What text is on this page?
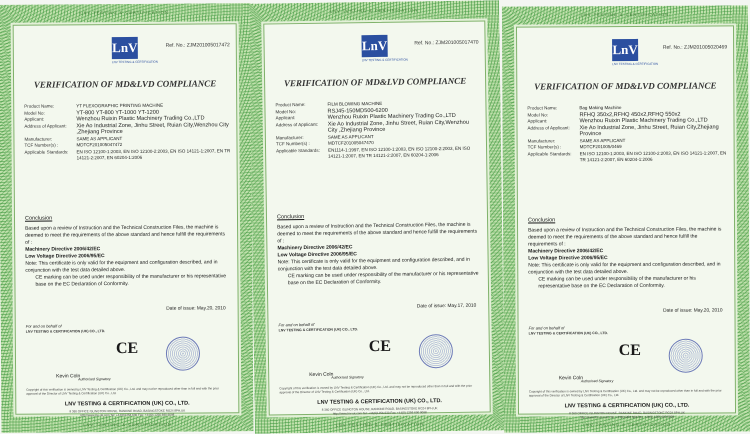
LNV TESTING & CERTIFICATION
LnV
LNV TESTING & CERTIFICATION
Ref. No.: ZJM201005017472
VERIFICATION OF MD&LVD COMPLIANCE
Product Name:	YT FLEXOGRAPHIC PRINTING MACHINE
Model No:	YT-800 YT-800 YT-1000 YT-1200
Applicant:	Wenzhou Ruixin Plastic Machinery Trading Co.,LTD
Address of Applicant:	Xie Ao Industrial Zone, Jinhu Street, Ruian City,Wenzhou City ,Zhejiang Province
Manufacturer:	SAME AS APPLICANT
TCF Number(s) :	MDTCF201005047472
Applicable Standards:	EN ISO 12100-1:2003, EN ISO 12100-2:2003, EN ISO 14121-1:2007, EN TR 14121-2:2007, EN 60204-1:2006
Conclusion
Based upon a review of Instruction and the Technical Construction Files, the machine is deemed to meet the requirements of the above standard and hence fulfill the requirements of :
Machinery Directive 2006/42/EC
Low Voltage Directive 2006/95/EC
Note: This certificate is only valid for the equipment and configuration described, and in conjunction with the test data detailed above.
CE marking can be used under responsibility of the manufacturer or his representative base on the EC Declaration of Conformity.
Date of issue: May.20, 2010
For and on behalf of
LNV TESTING & CERTIFICATION (UK) CO., LTD.
CE
Kevin Coln
Authorised Signatory
Copyright of this verification is owned by LNV Testing & Certification (UK) Co., Ltd. and may not be reproduced other than in full and with the prior approval of the Director of LNV Testing & Certification (UK) Co., Ltd.
LNV TESTING & CERTIFICATION (UK) CO., LTD.
8 360 OFFICE ISLINGTON HOUSE, RANKINE ROAD, BASINGSTOKE RG24 8PH,UK
http://www.lnv-uk.com Tel: +44(0)1256 630 Fax: +44(0) 1256 690 9098
LNV TESTING & CERTIFICATION
LNV TESTING & CERTIFICATION
LnV
LNV TESTING & CERTIFICATION
Ref. No.: ZJM201005017470
VERIFICATION OF MD&LVD COMPLIANCE
Product Name:	FILM BLOWING MACHINE
Model No:	RSJ45-150MD500-6200
Applicant:	Wenzhou Ruixin Plastic Machinery Trading Co.,LTD
Address of Applicant:	Xie Ao Industrial Zone, Jinhu Street, Ruian City,Wenzhou City ,Zhejiang Province
Manufacturer:	SAME AS APPLICANT
TCF Number(s) :	MDTCF201005047470
Applicable Standards:	EN1114-1:1997, EN ISO 12100-1:2003, EN ISO 12100-2:2003, EN ISO 14121-1:2007, EN TR 14121-2:2007, EN 60204-1:2006
Conclusion
Based upon a review of Instruction and the Technical Construction Files, the machine is deemed to meet the requirements of the above standard and hence fulfill the requirements of :
Machinery Directive 2006/42/EC
Low Voltage Directive 2006/95/EC
Note: This certificate is only valid for the equipment and configuration described, and in conjunction with the test data detailed above.
CE marking can be used under responsibility of the manufacturer or his representative base on the EC Declaration of Conformity.
Date of issue: May.17, 2010
For and on behalf of
LNV TESTING & CERTIFICATION (UK) CO., LTD.
CE
Kevin Coln
Authorised Signatory
Copyright of this verification is owned by LNV Testing & Certification (UK) Co., Ltd. and may not be reproduced other than in full and with the prior approval of the Director of LNV Testing & Certification (UK) Co., Ltd.
LNV TESTING & CERTIFICATION (UK) CO., LTD.
8 360 OFFICE ISLINGTON HOUSE, RANKINE ROAD, BASINGSTOKE RG24 8PH,UK
http://www.lnv-uk.com Tel: +44(0)1256 630 Fax: +44(0) 1256 690 9098
LNV TESTING & CERTIFICATION
LNV TESTING & CERTIFICATION
LnV
LNV TESTING & CERTIFICATION
Ref. No.: ZJM201005020469
VERIFICATION OF MD&LVD COMPLIANCE
Product Name:	Bag Making Machine
Model No:	RFHQ 350x2,RFHQ 450x2,RFHQ 550x2
Applicant:	Wenzhou Ruixin Plastic Machinery Trading Co.,LTD
Address of Applicant:	Xie Ao Industrial Zone, Jinhu Street, Ruian City,Zhejiang Province
Manufacturer:	SAME AS APPLICANT
TCF Number(s) :	MDTCF201005/0469
Applicable Standards:	EN ISO 12100-1:2003, EN ISO 12100-2:2003, EN ISO 14121-1:2007, EN TR 14121-2:2007, EN 60204-1:2006
Conclusion
Based upon a review of Instruction and the Technical Construction Files, the machine is deemed to meet the requirements of the above standard and hence fulfill the requirements of :
Machinery Directive 2006/42/EC
Low Voltage Directive 2006/95/EC
Note: This certificate is only valid for the equipment and configuration described, and in conjunction with the test data detailed above.
CE marking can be used under responsibility of the manufacturer or his representative base on the EC Declaration of Conformity.
Date of issue: May.20, 2010
For and on behalf of
LNV TESTING & CERTIFICATION (UK) CO., LTD.
CE
Kevin Coln
Authorised Signatory
Copyright of this verification is owned by LNV Testing & Certification (UK) Co., Ltd. and may not be reproduced other than in full and with the prior approval of the Director of LNV Testing & Certification (UK) Co., Ltd.
LNV TESTING & CERTIFICATION (UK) CO., LTD.
8 360 OFFICE ISLINGTON HOUSE, RANKINE ROAD, BASINGSTOKE RG24 8PH,UK
http://www.lnv-uk.com Tel: +44(0)1256 630 Fax: +44(0) 1256 690 9098
LNV TESTING & CERTIFICATION
